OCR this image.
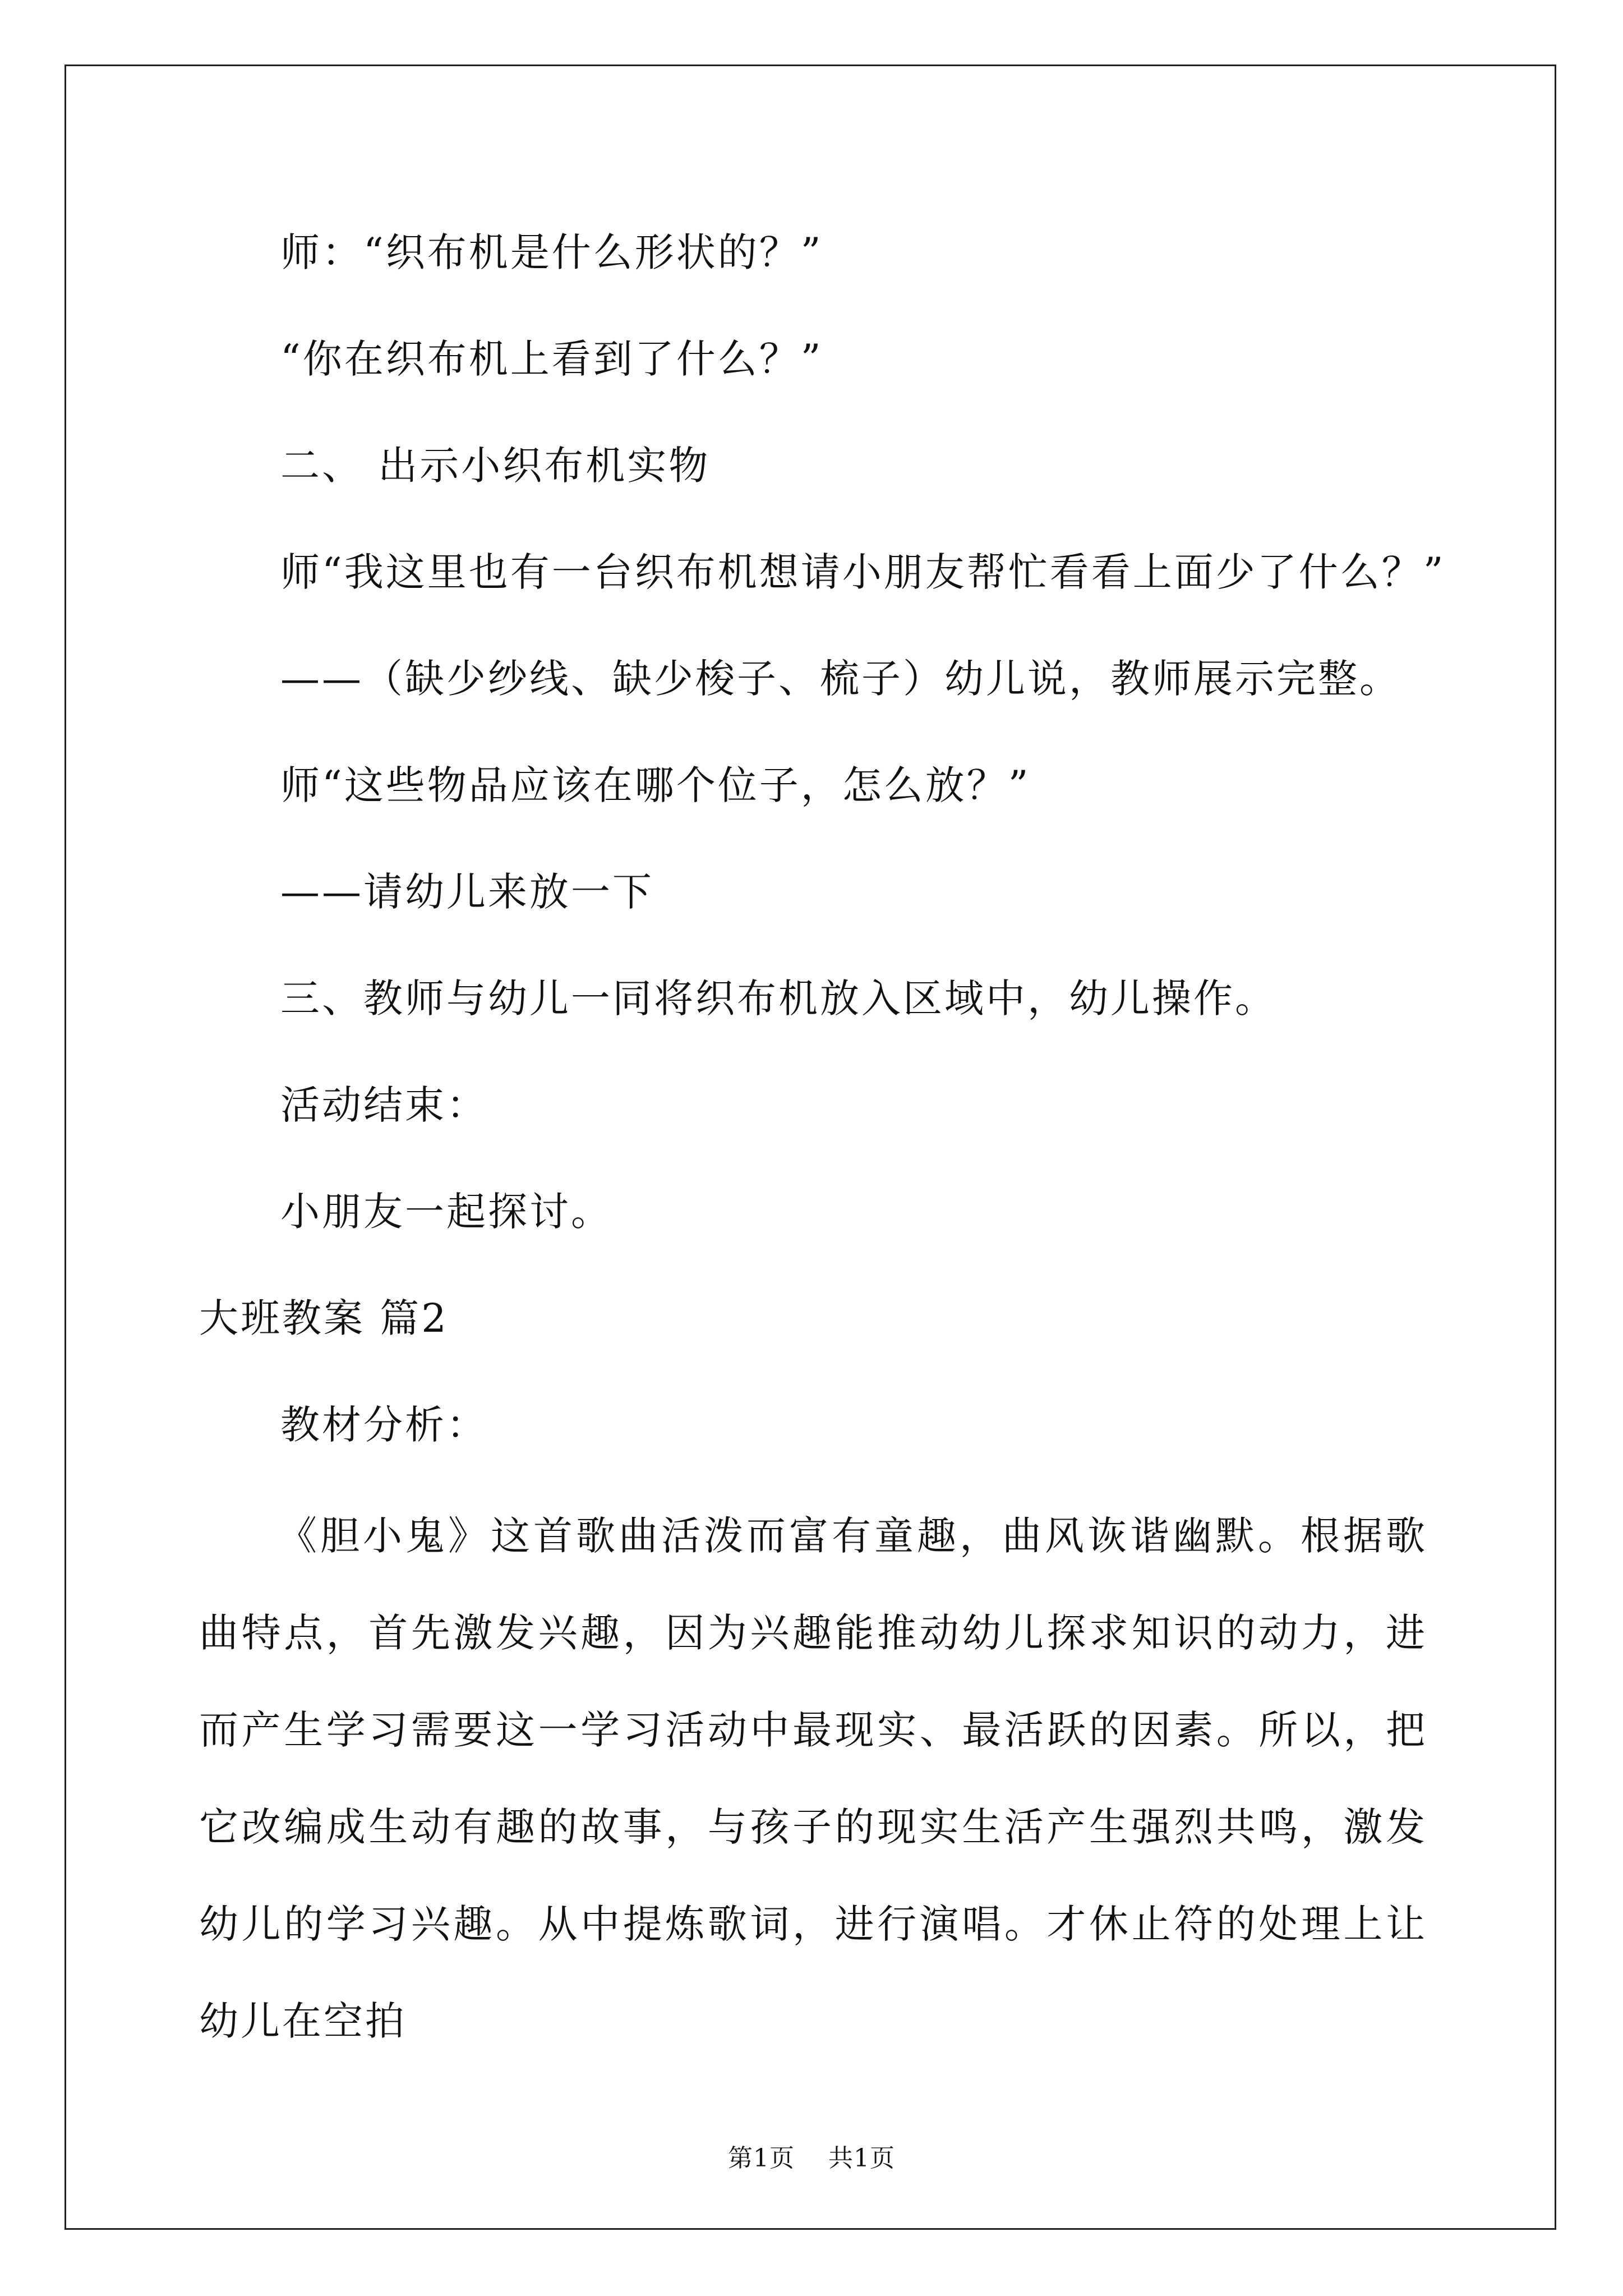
师：“织布机是什么形状的？”
“你在织布机上看到了什么？”
二、 出示小织布机实物
师“我这里也有一台织布机想请小朋友帮忙看看上面少了什么？”
——（缺少纱线、缺少梭子、梳子）幼儿说，教师展示完整。
师“这些物品应该在哪个位子，怎么放？”
——请幼儿来放一下
三、教师与幼儿一同将织布机放入区域中，幼儿操作。
活动结束：
小朋友一起探讨。
大班教案 篇2
教材分析：
《胆小鬼》这首歌曲活泼而富有童趣，曲风诙谐幽默。根据歌曲特点，首先激发兴趣，因为兴趣能推动幼儿探求知识的动力，进而产生学习需要这一学习活动中最现实、最活跃的因素。所以，把它改编成生动有趣的故事，与孩子的现实生活产生强烈共鸣，激发幼儿的学习兴趣。从中提炼歌词，进行演唱。才休止符的处理上让幼儿在空拍
第1页 共1页
